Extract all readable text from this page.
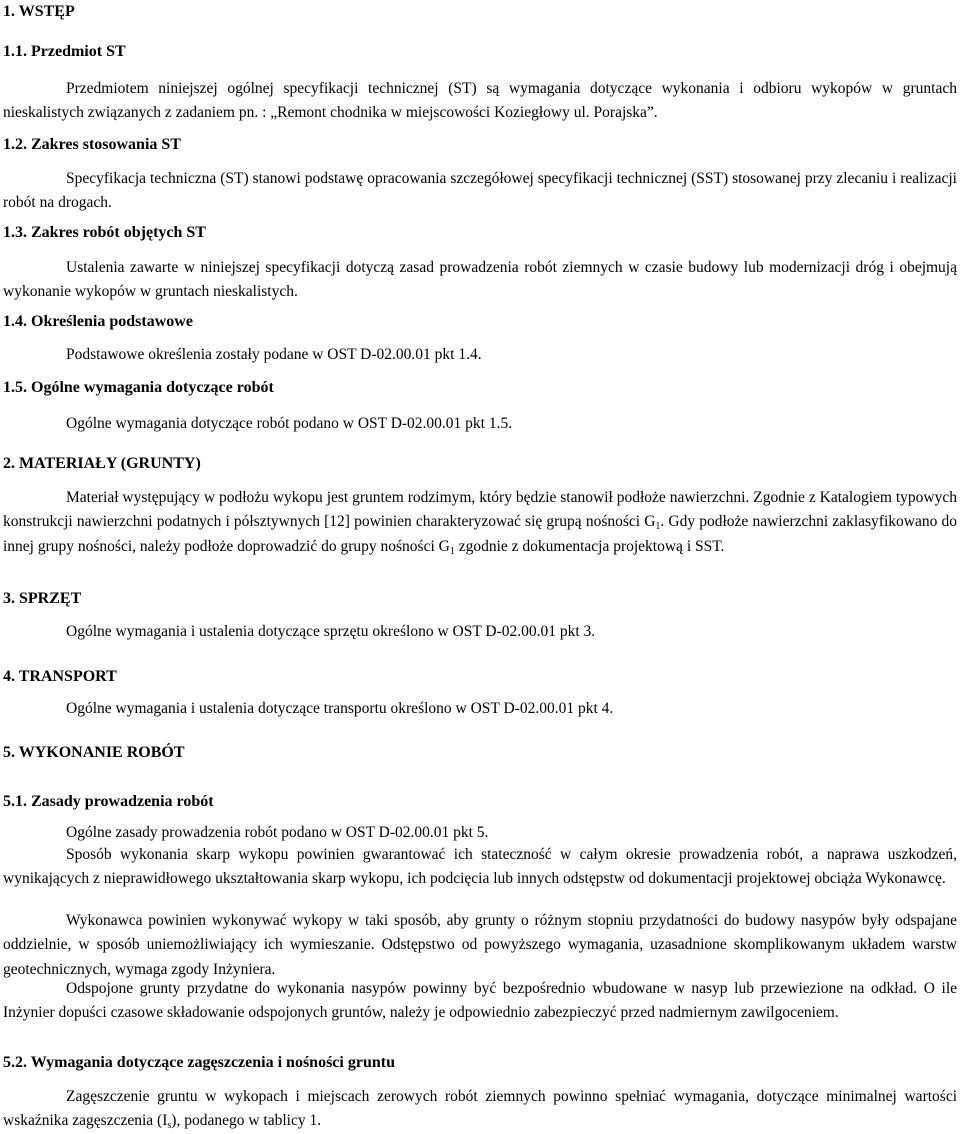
1. WSTĘP
1.1. Przedmiot ST
Przedmiotem niniejszej ogólnej specyfikacji technicznej (ST) są wymagania dotyczące wykonania i odbioru wykopów w gruntach nieskalistych związanych z zadaniem pn. : „Remont chodnika w miejscowości Koziegłowy ul. Porajska”.
1.2. Zakres stosowania ST
Specyfikacja techniczna (ST) stanowi podstawę opracowania szczegółowej specyfikacji technicznej (SST) stosowanej przy zlecaniu i realizacji robót na drogach.
1.3. Zakres robót objętych ST
Ustalenia zawarte w niniejszej specyfikacji dotyczą zasad prowadzenia robót ziemnych w czasie budowy lub modernizacji dróg i obejmują wykonanie wykopów w gruntach nieskalistych.
1.4. Określenia podstawowe
Podstawowe określenia zostały podane w OST D-02.00.01 pkt 1.4.
1.5. Ogólne wymagania dotyczące robót
Ogólne wymagania dotyczące robót podano w OST D-02.00.01 pkt 1.5.
2. MATERIAŁY (GRUNTY)
Materiał występujący w podłożu wykopu jest gruntem rodzimym, który będzie stanowił podłoże nawierzchni. Zgodnie z Katalogiem typowych konstrukcji nawierzchni podatnych i półsztywnych [12] powinien charakteryzować się grupą nośności $G_1$. Gdy podłoże nawierzchni zaklasyfikowano do innej grupy nośności, należy podłoże doprowadzić do grupy nośności $G_1$ zgodnie z dokumentacja projektową i SST.
3. SPRZĘT
Ogólne wymagania i ustalenia dotyczące sprzętu określono w OST D-02.00.01 pkt 3.
4. TRANSPORT
Ogólne wymagania i ustalenia dotyczące transportu określono w OST D-02.00.01 pkt 4.
5. WYKONANIE ROBÓT
5.1. Zasady prowadzenia robót
Ogólne zasady prowadzenia robót podano w OST D-02.00.01 pkt 5.
Sposób wykonania skarp wykopu powinien gwarantować ich stateczność w całym okresie prowadzenia robót, a naprawa uszkodzeń, wynikających z nieprawidłowego ukształtowania skarp wykopu, ich podcięcia lub innych odstępstw od dokumentacji projektowej obciąża Wykonawcę.
Wykonawca powinien wykonywać wykopy w taki sposób, aby grunty o różnym stopniu przydatności do budowy nasypów były odspajane oddzielnie, w sposób uniemożliwiający ich wymieszanie. Odstępstwo od powyższego wymagania, uzasadnione skomplikowanym układem warstw geotechnicznych, wymaga zgody Inżyniera.
Odspojone grunty przydatne do wykonania nasypów powinny być bezpośrednio wbudowane w nasyp lub przewiezione na odkład. O ile Inżynier dopuści czasowe składowanie odspojonych gruntów, należy je odpowiednio zabezpieczyć przed nadmiernym zawilgoceniem.
5.2. Wymagania dotyczące zagęszczenia i nośności gruntu
Zagęszczenie gruntu w wykopach i miejscach zerowych robót ziemnych powinno spełniać wymagania, dotyczące minimalnej wartości wskaźnika zagęszczenia $(I_s)$, podanego w tablicy 1.
